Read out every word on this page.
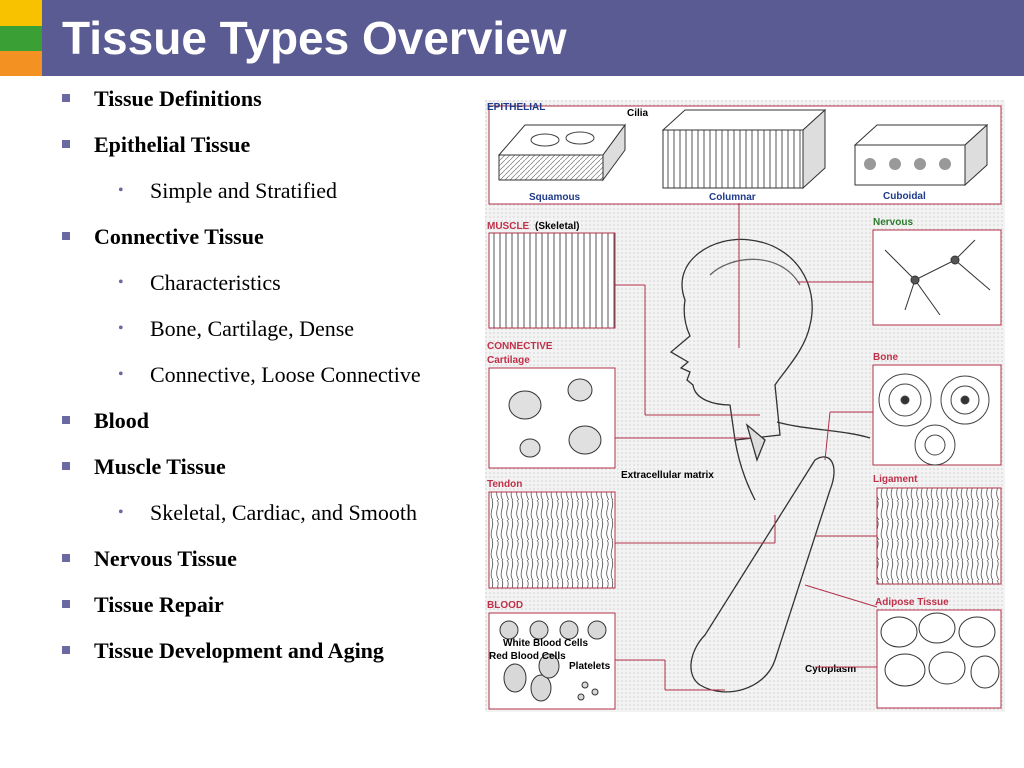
Tissue Types Overview
Tissue Definitions
Epithelial Tissue
• Simple and Stratified
Connective Tissue
• Characteristics
• Bone, Cartilage, Dense
• Connective, Loose Connective
Blood
Muscle Tissue
• Skeletal, Cardiac, and Smooth
Nervous Tissue
Tissue Repair
Tissue Development and Aging
EPITHELIAL
Cilia
Squamous	Columnar	Cuboidal
MUSCLE (Skeletal)	Nervous
CONNECTIVE
Cartilage	Bone
Tendon	Ligament
BLOOD
White Blood Cells
Red Blood Cells
Platelets
Adipose Tissue
Extracellular matrix
Cytoplasm
